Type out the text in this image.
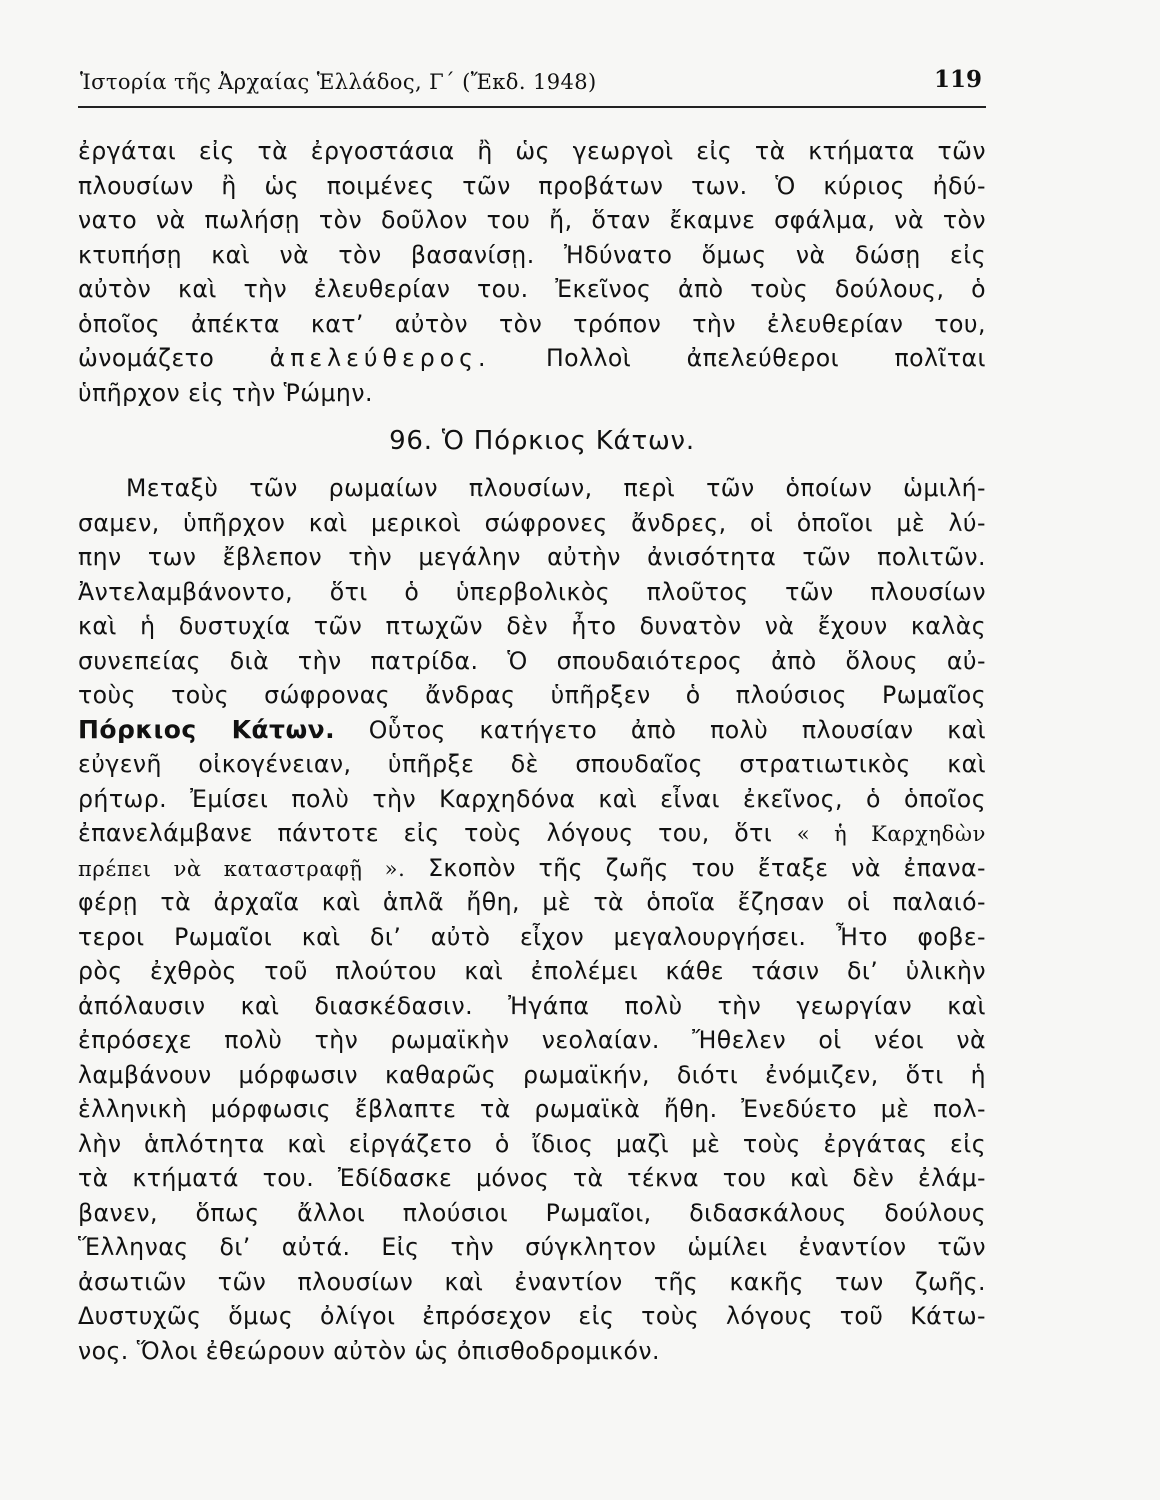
Ἱστορία τῆς Ἀρχαίας Ἑλλάδος, Γ΄ (Ἔκδ. 1948)	119
ἐργάται εἰς τὰ ἐργοστάσια ἢ ὡς γεωργοὶ εἰς τὰ κτήματα τῶν
πλουσίων ἢ ὡς ποιμένες τῶν προβάτων των. Ὁ κύριος ἠδύ-
νατο νὰ πωλήσῃ τὸν δοῦλον του ἤ, ὅταν ἔκαμνε σφάλμα, νὰ τὸν
κτυπήσῃ καὶ νὰ τὸν βασανίσῃ. Ἠδύνατο ὅμως νὰ δώσῃ εἰς
αὐτὸν καὶ τὴν ἐλευθερίαν του. Ἐκεῖνος ἀπὸ τοὺς δούλους, ὁ
ὁποῖος ἀπέκτα κατ’ αὐτὸν τὸν τρόπον τὴν ἐλευθερίαν του,
ὠνομάζετο ἀπελεύθερος. Πολλοὶ ἀπελεύθεροι πολῖται
ὑπῆρχον εἰς τὴν Ῥώμην.
96. Ὁ Πόρκιος Κάτων.
Μεταξὺ τῶν ρωμαίων πλουσίων, περὶ τῶν ὁποίων ὡμιλή-
σαμεν, ὑπῆρχον καὶ μερικοὶ σώφρονες ἄνδρες, οἱ ὁποῖοι μὲ λύ-
πην των ἔβλεπον τὴν μεγάλην αὐτὴν ἀνισότητα τῶν πολιτῶν.
Ἀντελαμβάνοντο, ὅτι ὁ ὑπερβολικὸς πλοῦτος τῶν πλουσίων
καὶ ἡ δυστυχία τῶν πτωχῶν δὲν ἦτο δυνατὸν νὰ ἔχουν καλὰς
συνεπείας διὰ τὴν πατρίδα. Ὁ σπουδαιότερος ἀπὸ ὅλους αὐ-
τοὺς τοὺς σώφρονας ἄνδρας ὑπῆρξεν ὁ πλούσιος Ρωμαῖος
Πόρκιος Κάτων. Οὗτος κατήγετο ἀπὸ πολὺ πλουσίαν καὶ
εὐγενῆ οἰκογένειαν, ὑπῆρξε δὲ σπουδαῖος στρατιωτικὸς καὶ
ρήτωρ. Ἐμίσει πολὺ τὴν Καρχηδόνα καὶ εἶναι ἐκεῖνος, ὁ ὁποῖος
ἐπανελάμβανε πάντοτε εἰς τοὺς λόγους του, ὅτι « ἡ Καρχηδὼν
πρέπει νὰ καταστραφῇ ». Σκοπὸν τῆς ζωῆς του ἔταξε νὰ ἐπανα-
φέρῃ τὰ ἀρχαῖα καὶ ἁπλᾶ ἤθη, μὲ τὰ ὁποῖα ἔζησαν οἱ παλαιό-
τεροι Ρωμαῖοι καὶ δι’ αὐτὸ εἶχον μεγαλουργήσει. Ἦτο φοβε-
ρὸς ἐχθρὸς τοῦ πλούτου καὶ ἐπολέμει κάθε τάσιν δι’ ὑλικὴν
ἀπόλαυσιν καὶ διασκέδασιν. Ἠγάπα πολὺ τὴν γεωργίαν καὶ
ἐπρόσεχε πολὺ τὴν ρωμαϊκὴν νεολαίαν. Ἤθελεν οἱ νέοι νὰ
λαμβάνουν μόρφωσιν καθαρῶς ρωμαϊκήν, διότι ἐνόμιζεν, ὅτι ἡ
ἑλληνικὴ μόρφωσις ἔβλαπτε τὰ ρωμαϊκὰ ἤθη. Ἐνεδύετο μὲ πολ-
λὴν ἁπλότητα καὶ εἰργάζετο ὁ ἴδιος μαζὶ μὲ τοὺς ἐργάτας εἰς
τὰ κτήματά του. Ἐδίδασκε μόνος τὰ τέκνα του καὶ δὲν ἐλάμ-
βανεν, ὅπως ἄλλοι πλούσιοι Ρωμαῖοι, διδασκάλους δούλους
Ἕλληνας δι’ αὐτά. Εἰς τὴν σύγκλητον ὡμίλει ἐναντίον τῶν
ἀσωτιῶν τῶν πλουσίων καὶ ἐναντίον τῆς κακῆς των ζωῆς.
Δυστυχῶς ὅμως ὀλίγοι ἐπρόσεχον εἰς τοὺς λόγους τοῦ Κάτω-
νος. Ὅλοι ἐθεώρουν αὐτὸν ὡς ὀπισθοδρομικόν.
